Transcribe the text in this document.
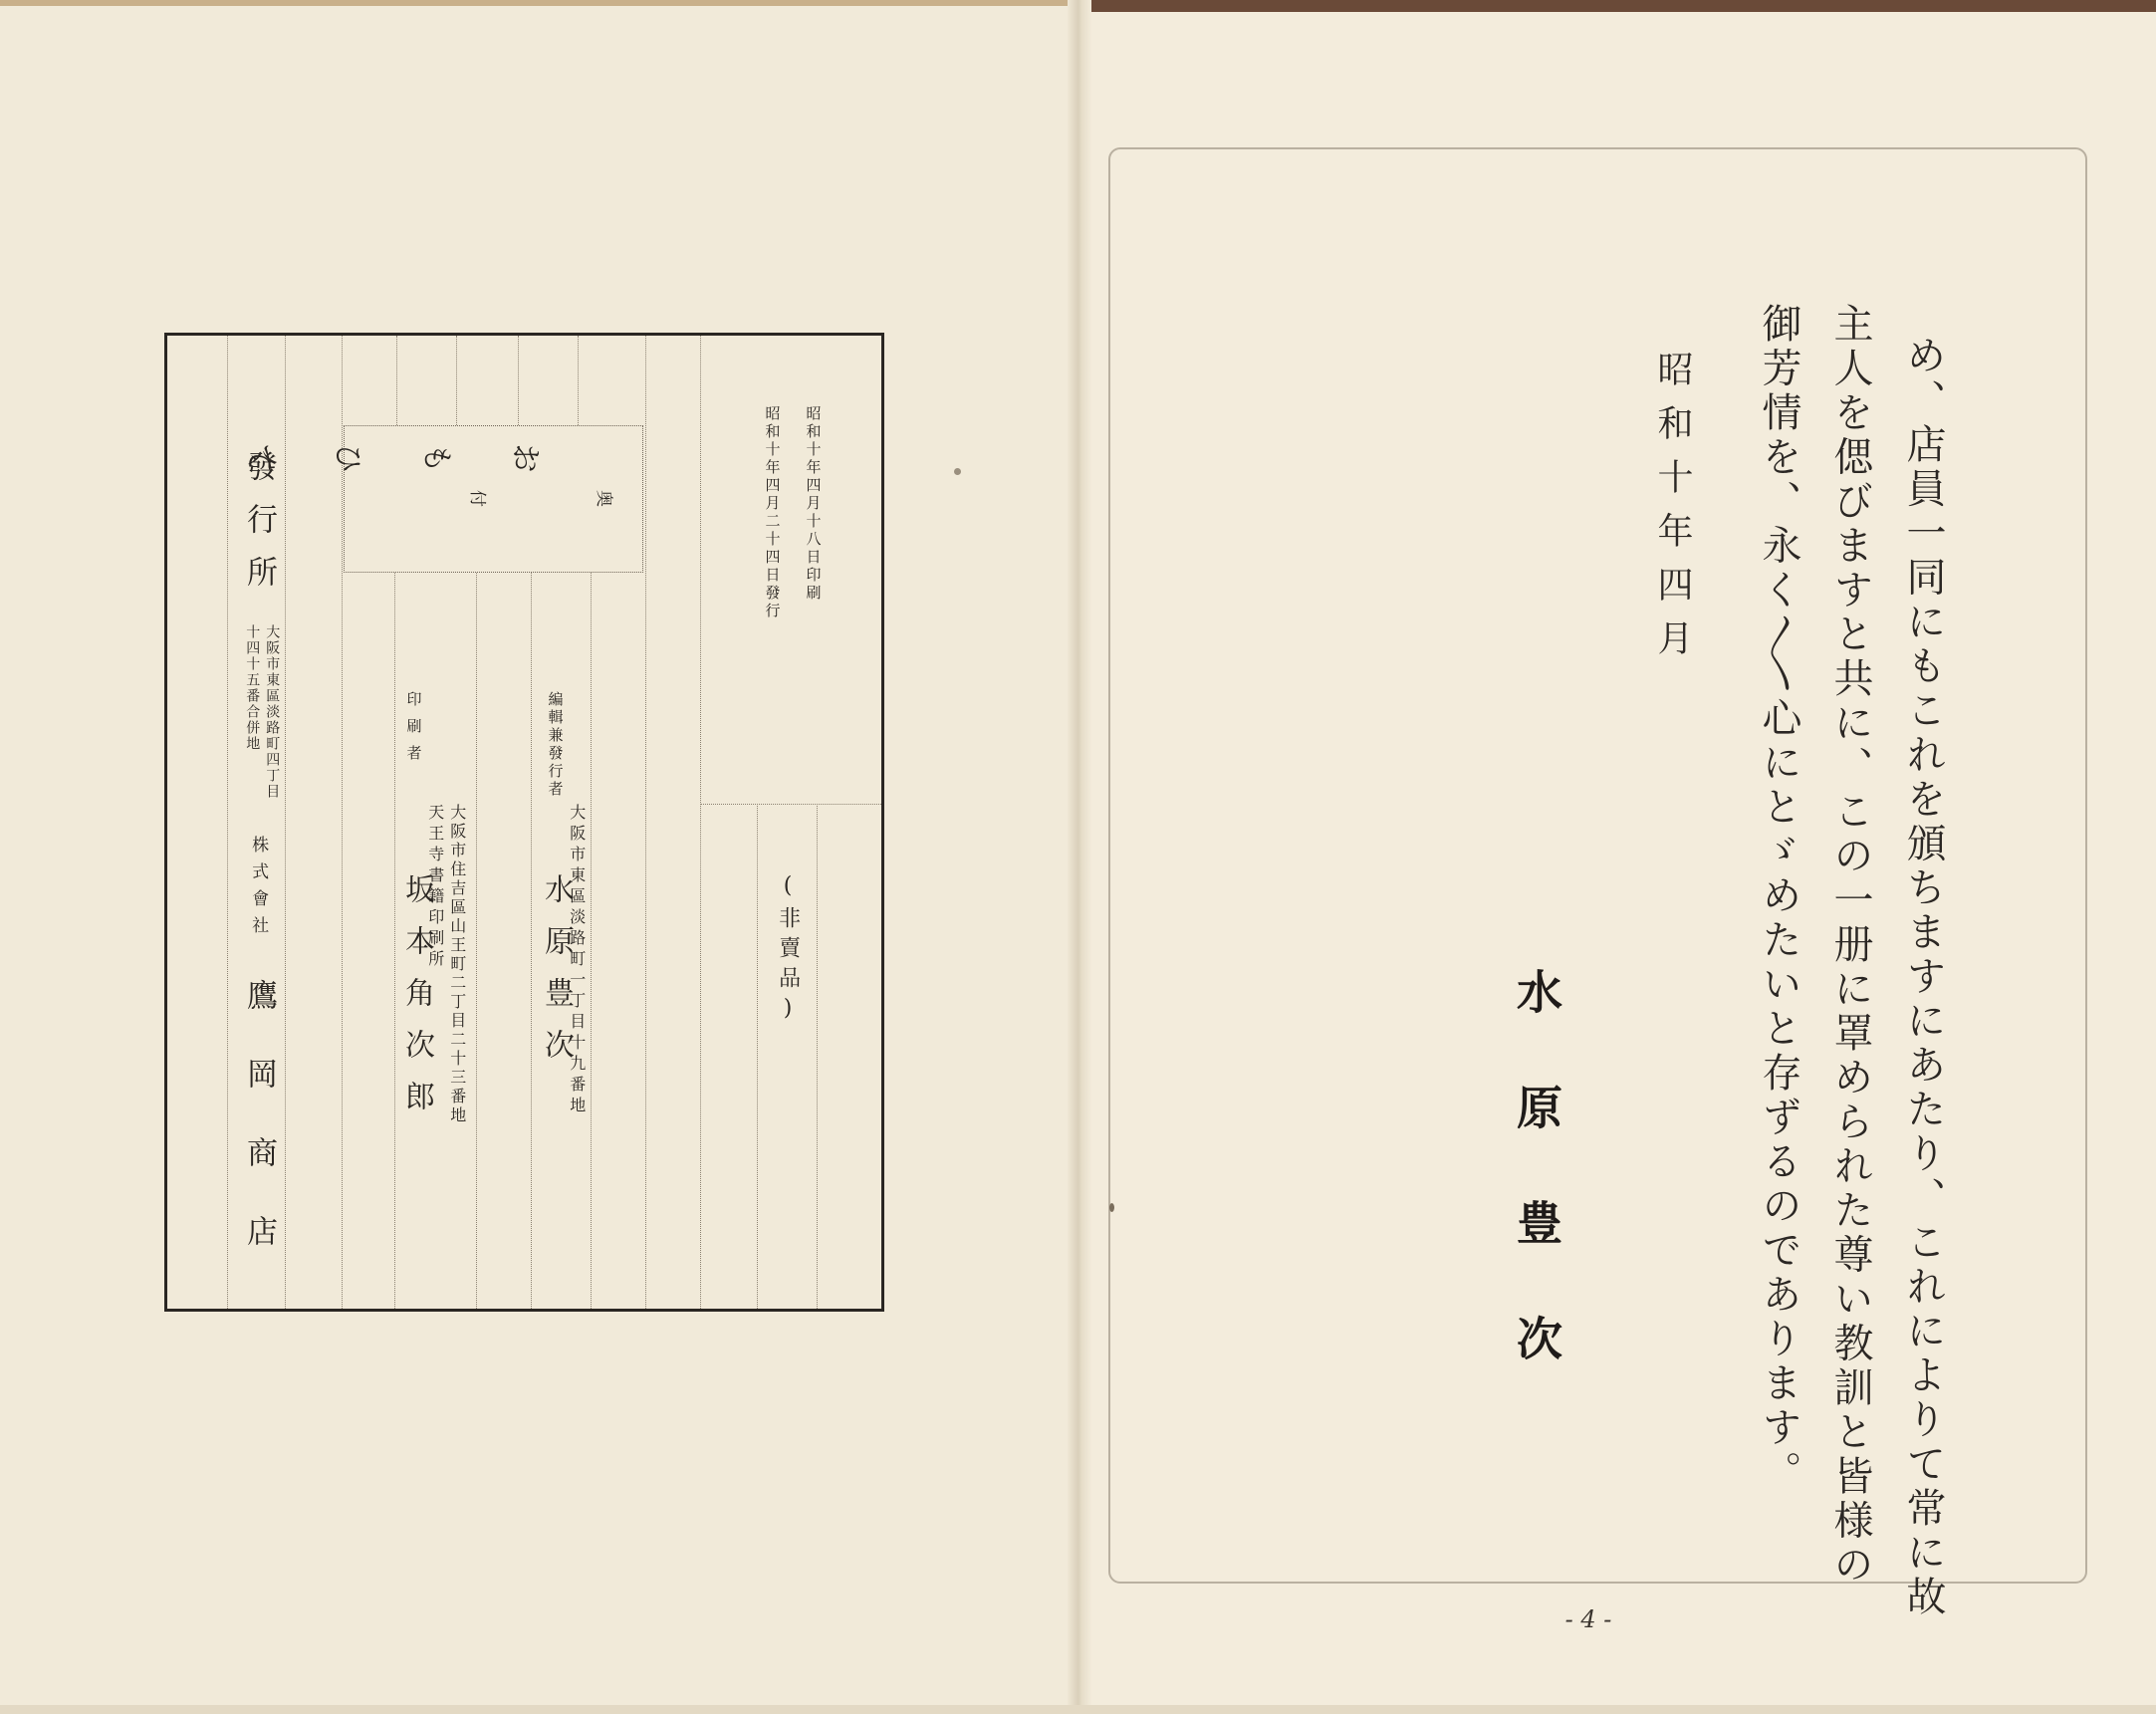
おもひて
奥付	昭和十年四月十八日印刷
昭和十年四月二十四日發行
(非賣品)
編輯兼發行者
大阪市東區淡路町一丁目十九番地
水原豊次
印刷者
大阪市住吉區山王町二丁目二十三番地
天王寺書籍印刷所
坂本角次郎
發行所
大阪市東區淡路町四丁目
十四十五番合併地
株式會社
鷹岡商店	め、店員一同にもこれを頒ちますにあたり、これによりて常に故
主人を偲びますと共に、この一册に罩められた尊い教訓と皆様の
御芳情を、永く〳〵心にとゞめたいと存ずるのであります。
昭和十年四月
水原豊次
- 4 -
